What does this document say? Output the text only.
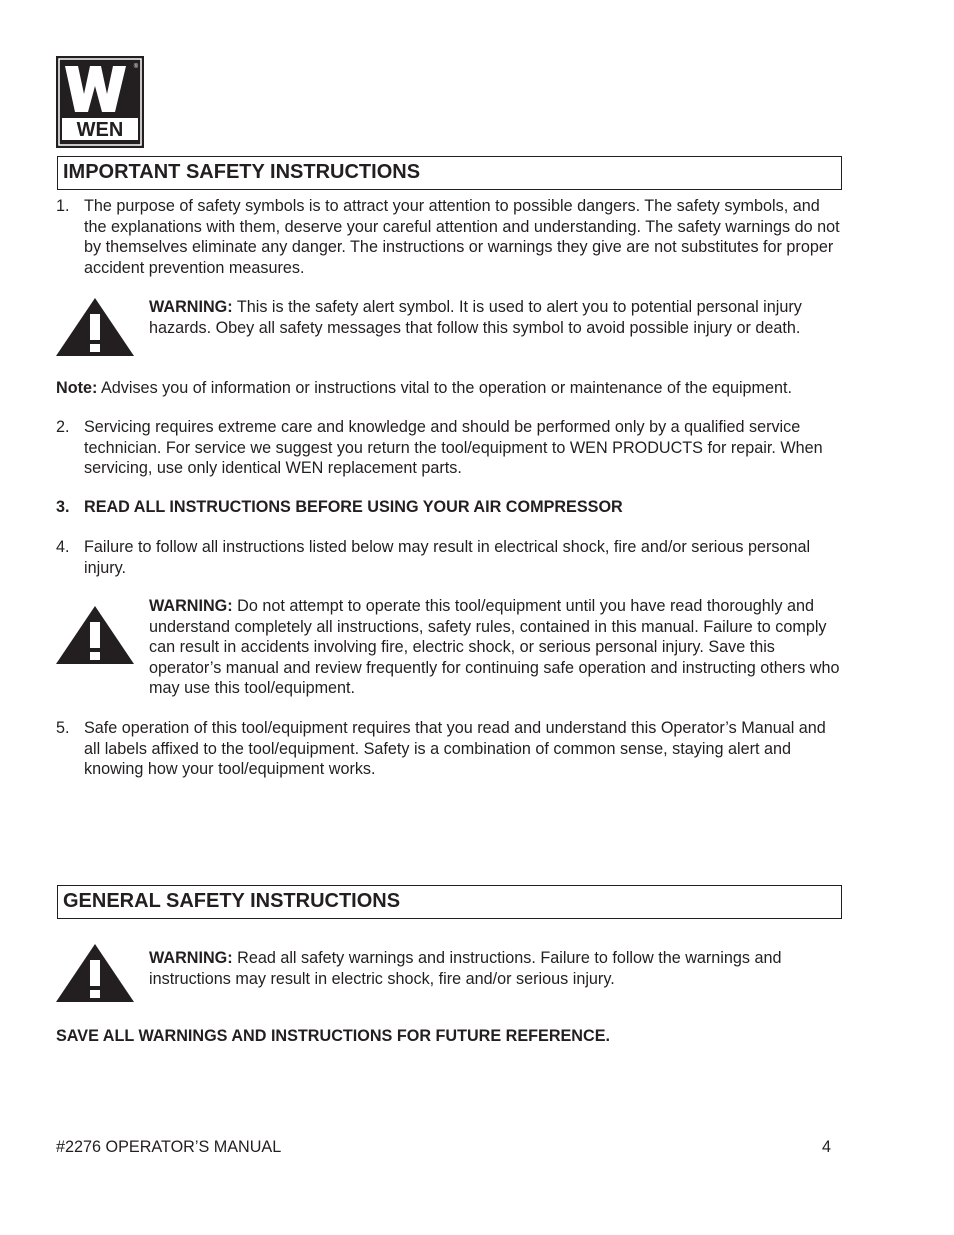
WEN
®
IMPORTANT SAFETY INSTRUCTIONS
1. The purpose of safety symbols is to attract your attention to possible dangers. The safety symbols, and the explanations with them, deserve your careful attention and understanding. The safety warnings do not by themselves eliminate any danger. The instructions or warnings they give are not substitutes for proper accident prevention measures.
WARNING: This is the safety alert symbol. It is used to alert you to potential personal injury hazards. Obey all safety messages that follow this symbol to avoid possible injury or death.
Note: Advises you of information or instructions vital to the operation or maintenance of the equipment.
2. Servicing requires extreme care and knowledge and should be performed only by a qualified service technician. For service we suggest you return the tool/equipment to WEN PRODUCTS for repair. When servicing, use only identical WEN replacement parts.
3. READ ALL INSTRUCTIONS BEFORE USING YOUR AIR COMPRESSOR
4. Failure to follow all instructions listed below may result in electrical shock, fire and/or serious personal injury.
WARNING: Do not attempt to operate this tool/equipment until you have read thoroughly and understand completely all instructions, safety rules, contained in this manual. Failure to comply can result in accidents involving fire, electric shock, or serious personal injury. Save this operator’s manual and review frequently for continuing safe operation and instructing others who may use this tool/equipment.
5. Safe operation of this tool/equipment requires that you read and understand this Operator’s Manual and all labels affixed to the tool/equipment. Safety is a combination of common sense, staying alert and knowing how your tool/equipment works.
GENERAL SAFETY INSTRUCTIONS
WARNING: Read all safety warnings and instructions. Failure to follow the warnings and instructions may result in electric shock, fire and/or serious injury.
SAVE ALL WARNINGS AND INSTRUCTIONS FOR FUTURE REFERENCE.
#2276 OPERATOR’S MANUAL	4
